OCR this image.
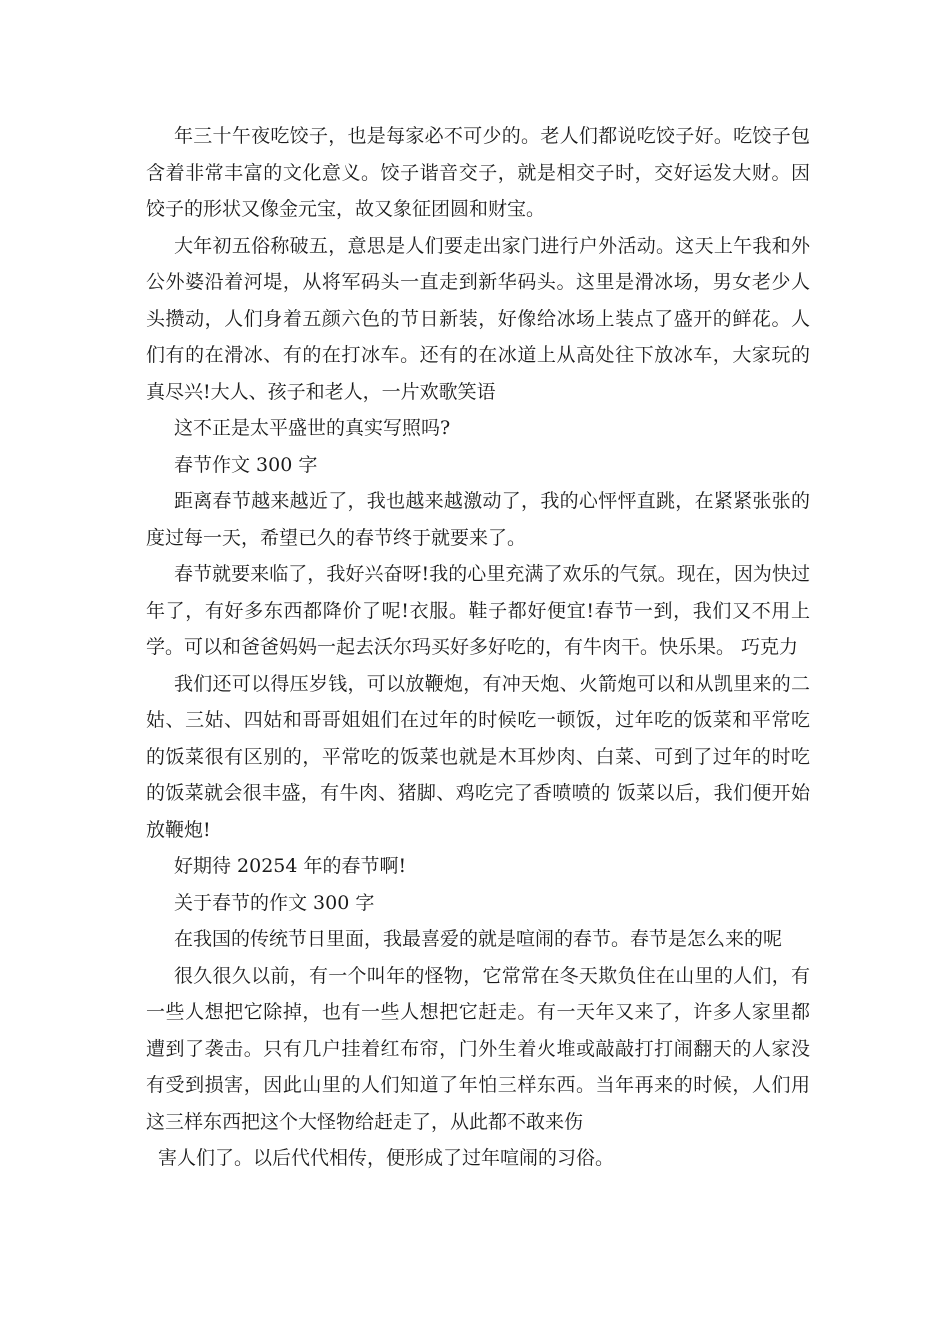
年三十午夜吃饺子，也是每家必不可少的。老人们都说吃饺子好。吃饺子包含着非常丰富的文化意义。饺子谐音交子，就是相交子时，交好运发大财。因饺子的形状又像金元宝，故又象征团圆和财宝。

大年初五俗称破五，意思是人们要走出家门进行户外活动。这天上午我和外公外婆沿着河堤，从将军码头一直走到新华码头。这里是滑冰场，男女老少人头攒动，人们身着五颜六色的节日新装，好像给冰场上装点了盛开的鲜花。人们有的在滑冰、有的在打冰车。还有的在冰道上从高处往下放冰车，大家玩的真尽兴!大人、孩子和老人，一片欢歌笑语

这不正是太平盛世的真实写照吗?

春节作文 300 字

距离春节越来越近了，我也越来越激动了，我的心怦怦直跳，在紧紧张张的度过每一天，希望已久的春节终于就要来了。

春节就要来临了，我好兴奋呀!我的心里充满了欢乐的气氛。现在，因为快过年了，有好多东西都降价了呢!衣服。鞋子都好便宜!春节一到，我们又不用上学。可以和爸爸妈妈一起去沃尔玛买好多好吃的，有牛肉干。快乐果。 巧克力

我们还可以得压岁钱，可以放鞭炮，有冲天炮、火箭炮可以和从凯里来的二姑、三姑、四姑和哥哥姐姐们在过年的时候吃一顿饭，过年吃的饭菜和平常吃的饭菜很有区别的，平常吃的饭菜也就是木耳炒肉、白菜、可到了过年的时吃的饭菜就会很丰盛，有牛肉、猪脚、鸡吃完了香喷喷的 饭菜以后，我们便开始放鞭炮!

好期待 20254 年的春节啊!

关于春节的作文 300 字

在我国的传统节日里面，我最喜爱的就是喧闹的春节。春节是怎么来的呢

很久很久以前，有一个叫年的怪物，它常常在冬天欺负住在山里的人们，有一些人想把它除掉，也有一些人想把它赶走。有一天年又来了，许多人家里都遭到了袭击。只有几户挂着红布帘，门外生着火堆或敲敲打打闹翻天的人家没有受到损害，因此山里的人们知道了年怕三样东西。当年再来的时候，人们用这三样东西把这个大怪物给赶走了，从此都不敢来伤

害人们了。以后代代相传，便形成了过年喧闹的习俗。
